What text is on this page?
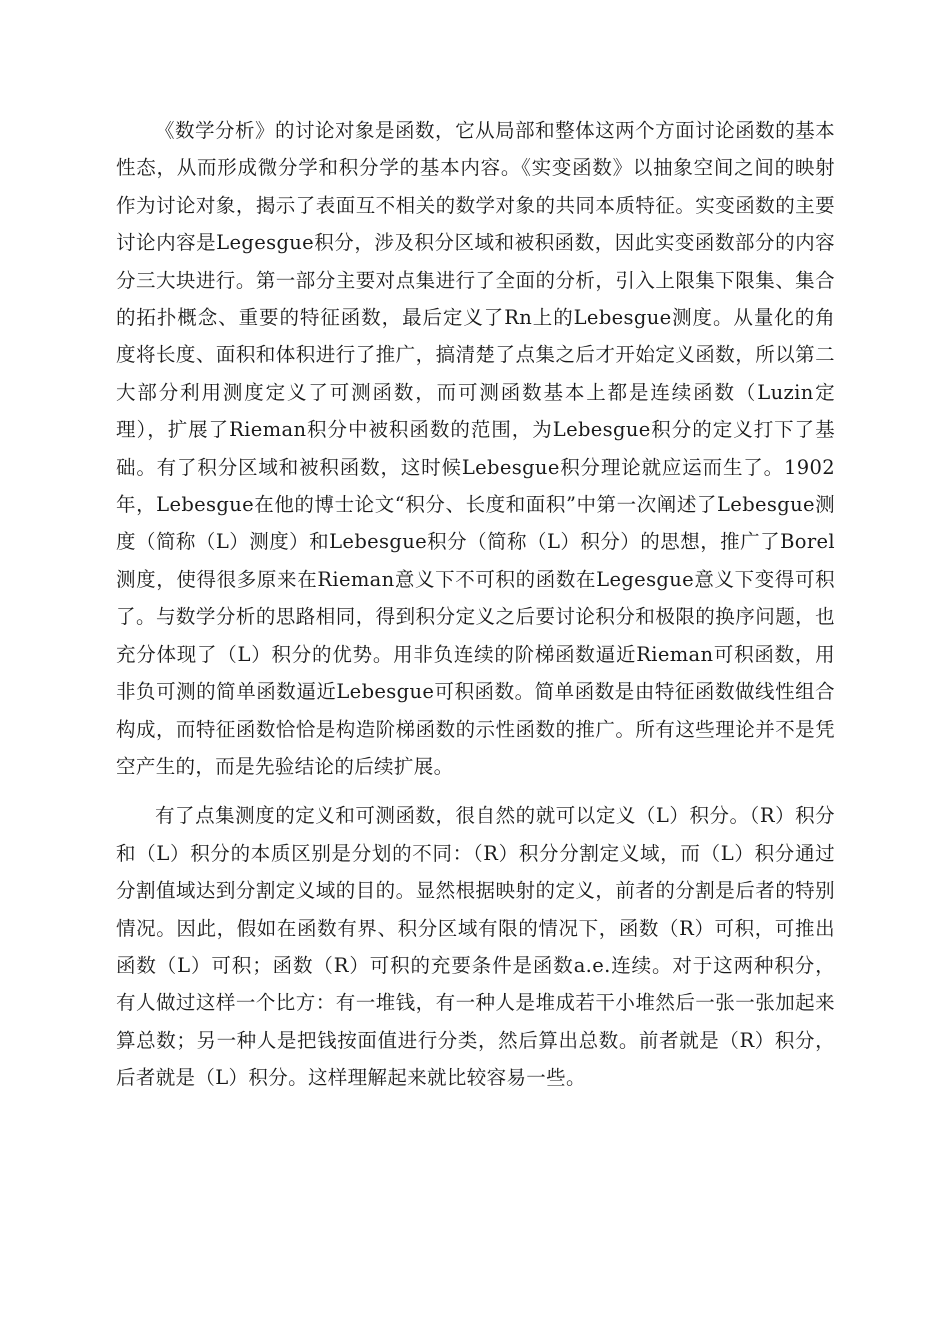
《数学分析》的讨论对象是函数，它从局部和整体这两个方面讨论函数的基本性态，从而形成微分学和积分学的基本内容。《实变函数》以抽象空间之间的映射作为讨论对象，揭示了表面互不相关的数学对象的共同本质特征。实变函数的主要讨论内容是Legesgue积分，涉及积分区域和被积函数，因此实变函数部分的内容分三大块进行。第一部分主要对点集进行了全面的分析，引入上限集下限集、集合的拓扑概念、重要的特征函数，最后定义了Rn上的Lebesgue测度。从量化的角度将长度、面积和体积进行了推广，搞清楚了点集之后才开始定义函数，所以第二大部分利用测度定义了可测函数，而可测函数基本上都是连续函数（Luzin定理），扩展了Rieman积分中被积函数的范围，为Lebesgue积分的定义打下了基础。有了积分区域和被积函数，这时候Lebesgue积分理论就应运而生了。1902年，Lebesgue在他的博士论文“积分、长度和面积”中第一次阐述了Lebesgue测度（简称（L）测度）和Lebesgue积分（简称（L）积分）的思想，推广了Borel测度，使得很多原来在Rieman意义下不可积的函数在Legesgue意义下变得可积了。与数学分析的思路相同，得到积分定义之后要讨论积分和极限的换序问题，也充分体现了（L）积分的优势。用非负连续的阶梯函数逼近Rieman可积函数，用非负可测的简单函数逼近Lebesgue可积函数。简单函数是由特征函数做线性组合构成，而特征函数恰恰是构造阶梯函数的示性函数的推广。所有这些理论并不是凭空产生的，而是先验结论的后续扩展。

有了点集测度的定义和可测函数，很自然的就可以定义（L）积分。（R）积分和（L）积分的本质区别是分划的不同：（R）积分分割定义域，而（L）积分通过分割值域达到分割定义域的目的。显然根据映射的定义，前者的分割是后者的特别情况。因此，假如在函数有界、积分区域有限的情况下，函数（R）可积，可推出函数（L）可积；函数（R）可积的充要条件是函数a.e.连续。对于这两种积分，有人做过这样一个比方：有一堆钱，有一种人是堆成若干小堆然后一张一张加起来算总数；另一种人是把钱按面值进行分类，然后算出总数。前者就是（R）积分，后者就是（L）积分。这样理解起来就比较容易一些。
